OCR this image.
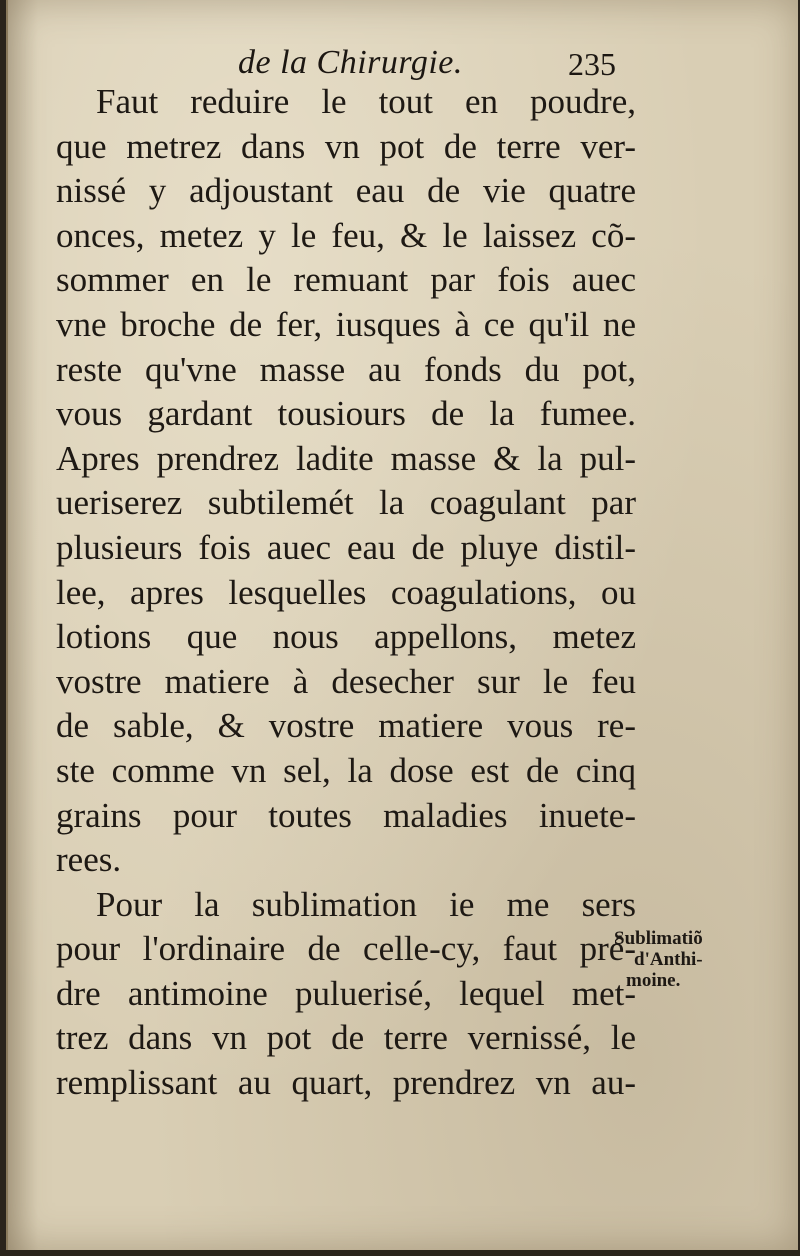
de la Chirurgie.	235
Faut reduire le tout en poudre,
que metrez dans vn pot de terre ver-
nissé y adjoustant eau de vie quatre
onces, metez y le feu, & le laissez cõ-
sommer en le remuant par fois auec
vne broche de fer, iusques à ce qu'il ne
reste qu'vne masse au fonds du pot,
vous gardant tousiours de la fumee.
Apres prendrez ladite masse & la pul-
ueriserez subtilemét la coagulant par
plusieurs fois auec eau de pluye distil-
lee, apres lesquelles coagulations, ou
lotions que nous appellons, metez
vostre matiere à desecher sur le feu
de sable, & vostre matiere vous re-
ste comme vn sel, la dose est de cinq
grains pour toutes maladies inuete-
rees.
Pour la sublimation ie me sers
pour l'ordinaire de celle-cy, faut pré-
dre antimoine puluerisé, lequel met-
trez dans vn pot de terre vernissé, le
remplissant au quart, prendrez vn au-
Sublimatiõ
d'Anthi-
moine.
